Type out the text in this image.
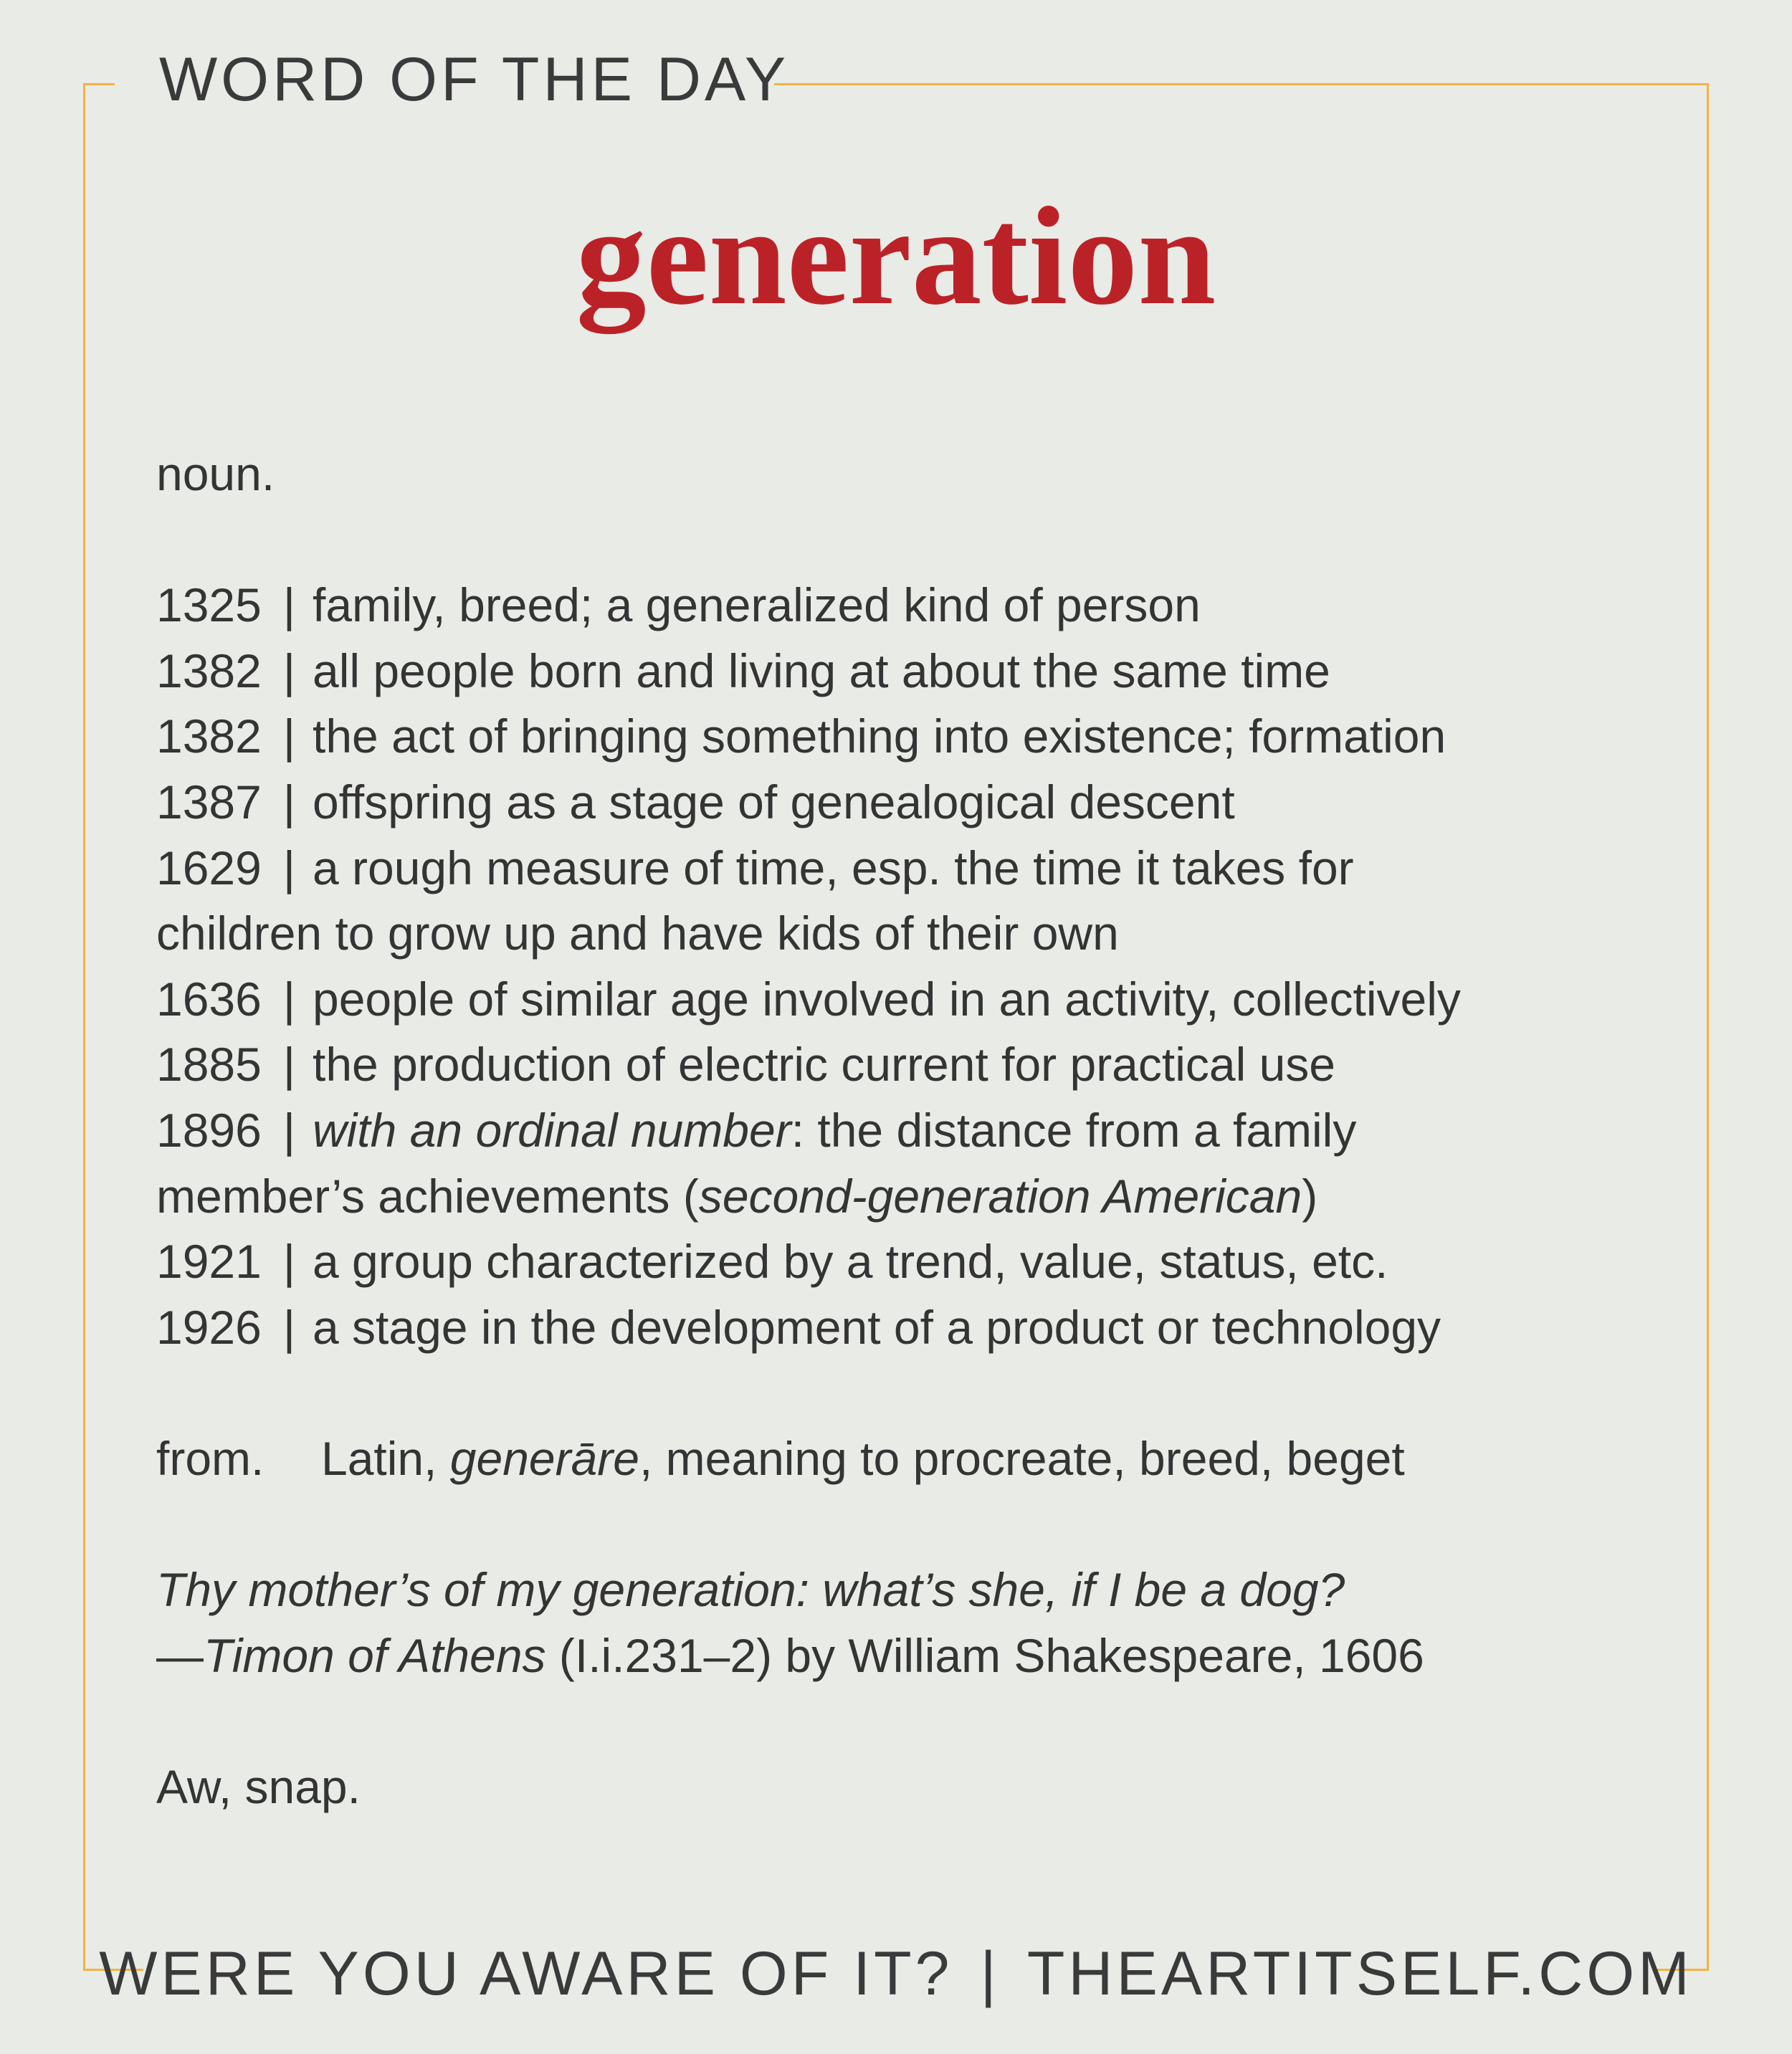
WORD OF THE DAY
generation
noun.
1325 | family, breed; a generalized kind of person
1382 | all people born and living at about the same time
1382 | the act of bringing something into existence; formation
1387 | offspring as a stage of genealogical descent
1629 | a rough measure of time, esp. the time it takes for
children to grow up and have kids of their own
1636 | people of similar age involved in an activity, collectively
1885 | the production of electric current for practical use
1896 | with an ordinal number: the distance from a family
member’s achievements (second-generation American)
1921 | a group characterized by a trend, value, status, etc.
1926 | a stage in the development of a product or technology
from. Latin, generāre, meaning to procreate, breed, beget
Thy mother’s of my generation: what’s she, if I be a dog?
—Timon of Athens (I.i.231–2) by William Shakespeare, 1606
Aw, snap.
WERE YOU AWARE OF IT? | THEARTITSELF.COM
